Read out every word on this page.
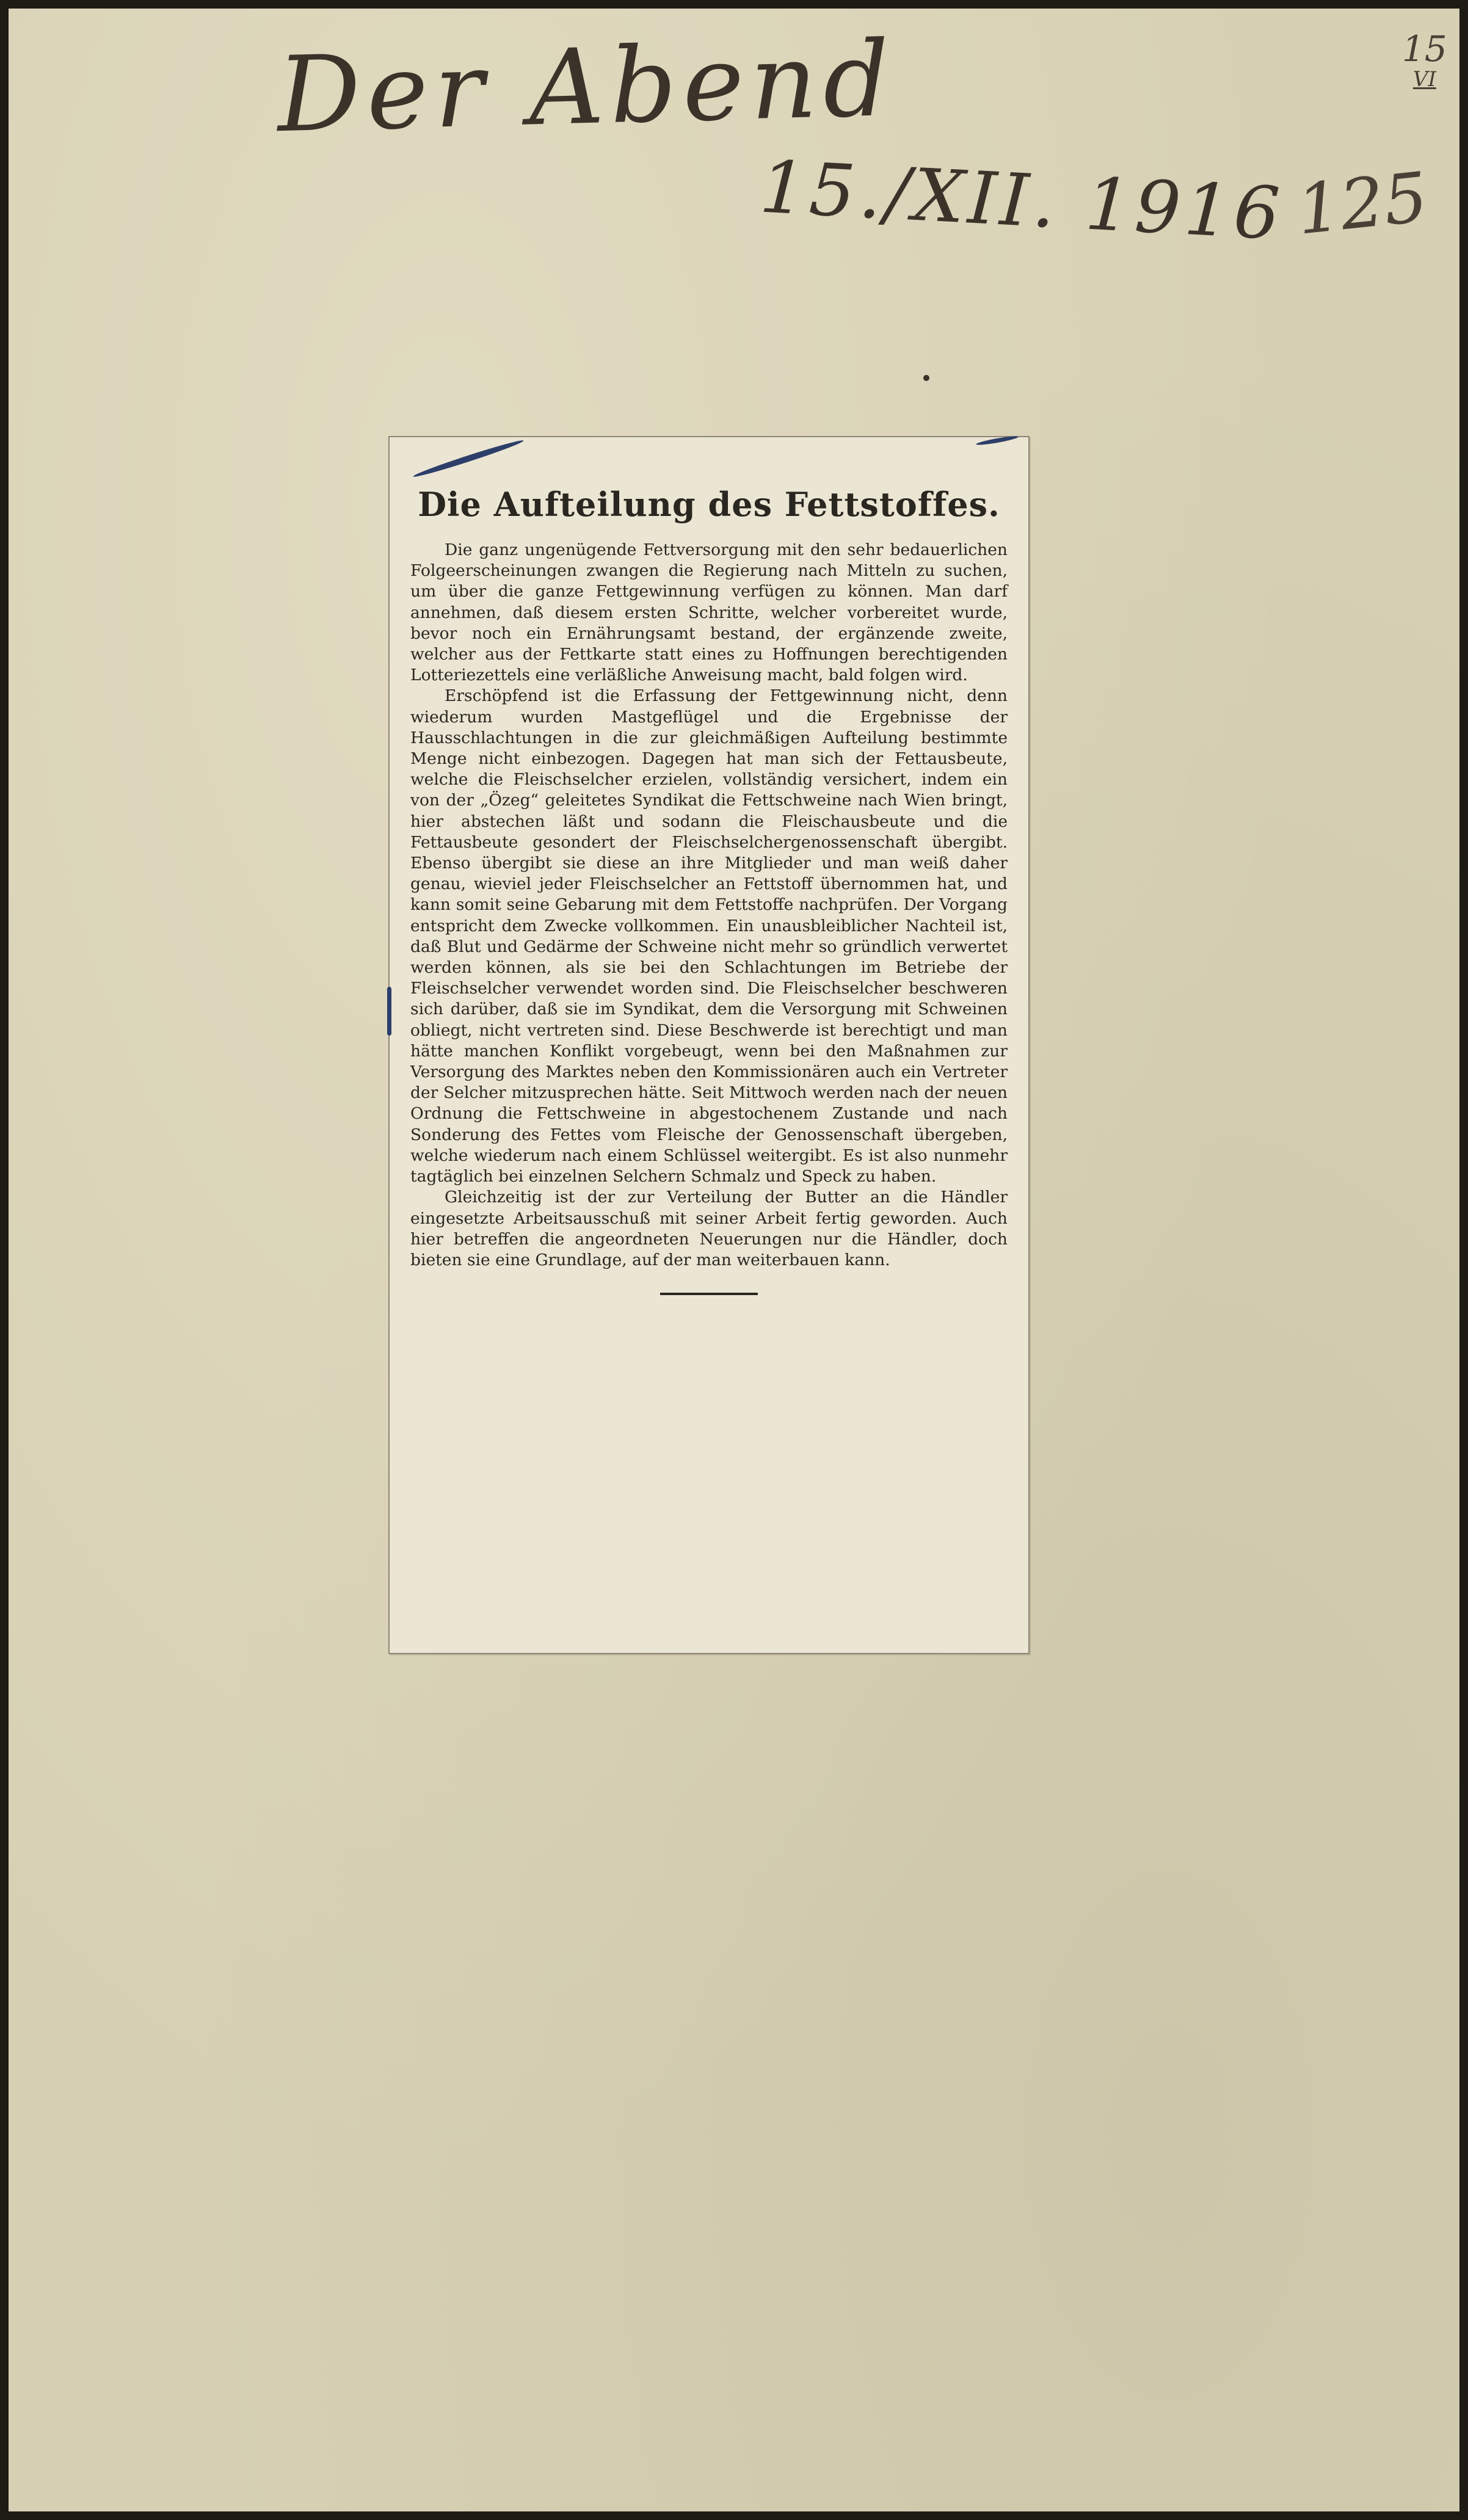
Der Abend
15./XII. 1916 125
15
VI
Die Aufteilung des Fettstoffes.

Die ganz ungenügende Fettversorgung mit den sehr bedauerlichen Folgeerscheinungen zwangen die Regierung nach Mitteln zu suchen, um über die ganze Fettgewinnung verfügen zu können. Man darf annehmen, daß diesem ersten Schritte, welcher vorbereitet wurde, bevor noch ein Ernährungsamt bestand, der ergänzende zweite, welcher aus der Fettkarte statt eines zu Hoffnungen berechtigenden Lotteriezettels eine verläßliche Anweisung macht, bald folgen wird.

Erschöpfend ist die Erfassung der Fettgewinnung nicht, denn wiederum wurden Mastgeflügel und die Ergebnisse der Hausschlachtungen in die zur gleichmäßigen Aufteilung bestimmte Menge nicht einbezogen. Dagegen hat man sich der Fettausbeute, welche die Fleischselcher erzielen, vollständig versichert, indem ein von der „Özeg“ geleitetes Syndikat die Fettschweine nach Wien bringt, hier abstechen läßt und sodann die Fleischausbeute und die Fettausbeute gesondert der Fleischselchergenossenschaft übergibt. Ebenso übergibt sie diese an ihre Mitglieder und man weiß daher genau, wieviel jeder Fleischselcher an Fettstoff übernommen hat, und kann somit seine Gebarung mit dem Fettstoffe nachprüfen. Der Vorgang entspricht dem Zwecke vollkommen. Ein unausbleiblicher Nachteil ist, daß Blut und Gedärme der Schweine nicht mehr so gründlich verwertet werden können, als sie bei den Schlachtungen im Betriebe der Fleischselcher verwendet worden sind. Die Fleischselcher beschweren sich darüber, daß sie im Syndikat, dem die Versorgung mit Schweinen obliegt, nicht vertreten sind. Diese Beschwerde ist berechtigt und man hätte manchen Konflikt vorgebeugt, wenn bei den Maßnahmen zur Versorgung des Marktes neben den Kommissionären auch ein Vertreter der Selcher mitzusprechen hätte. Seit Mittwoch werden nach der neuen Ordnung die Fettschweine in abgestochenem Zustande und nach Sonderung des Fettes vom Fleische der Genossenschaft übergeben, welche wiederum nach einem Schlüssel weitergibt. Es ist also nunmehr tagtäglich bei einzelnen Selchern Schmalz und Speck zu haben.

Gleichzeitig ist der zur Verteilung der Butter an die Händler eingesetzte Arbeitsausschuß mit seiner Arbeit fertig geworden. Auch hier betreffen die angeordneten Neuerungen nur die Händler, doch bieten sie eine Grundlage, auf der man weiterbauen kann.
